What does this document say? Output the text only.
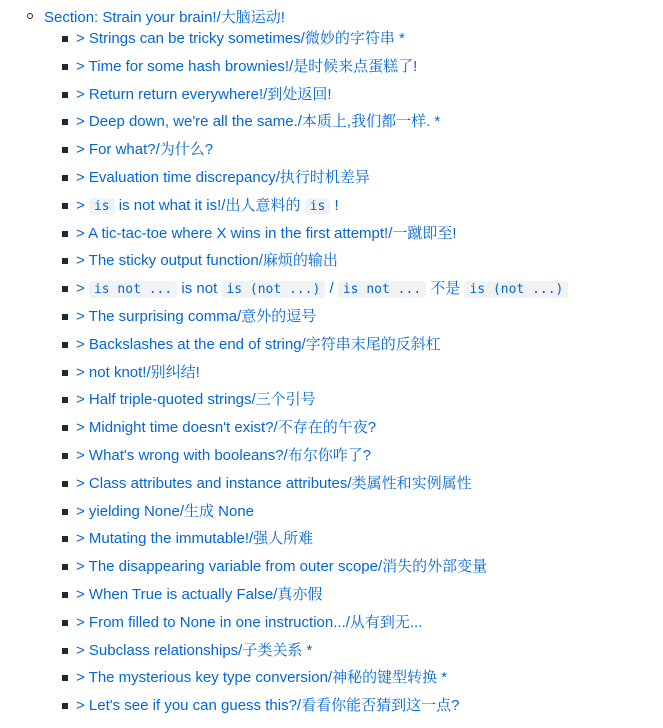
Section: Strain your brain!/大脑运动!
> Strings can be tricky sometimes/微妙的字符串 *
> Time for some hash brownies!/是时候来点蛋糕了!
> Return return everywhere!/到处返回!
> Deep down, we're all the same./本质上,我们都一样. *
> For what?/为什么?
> Evaluation time discrepancy/执行时机差异
> is is not what it is!/出人意料的 is !
> A tic-tac-toe where X wins in the first attempt!/一蹴即至!
> The sticky output function/麻烦的输出
> is not ... is not is (not ...) / is not ... 不是 is (not ...)
> The surprising comma/意外的逗号
> Backslashes at the end of string/字符串末尾的反斜杠
> not knot!/别纠结!
> Half triple-quoted strings/三个引号
> Midnight time doesn't exist?/不存在的午夜?
> What's wrong with booleans?/布尔你咋了?
> Class attributes and instance attributes/类属性和实例属性
> yielding None/生成 None
> Mutating the immutable!/强人所难
> The disappearing variable from outer scope/消失的外部变量
> When True is actually False/真亦假
> From filled to None in one instruction.../从有到无...
> Subclass relationships/子类关系 *
> The mysterious key type conversion/神秘的键型转换 *
> Let's see if you can guess this?/看看你能否猜到这一点?
